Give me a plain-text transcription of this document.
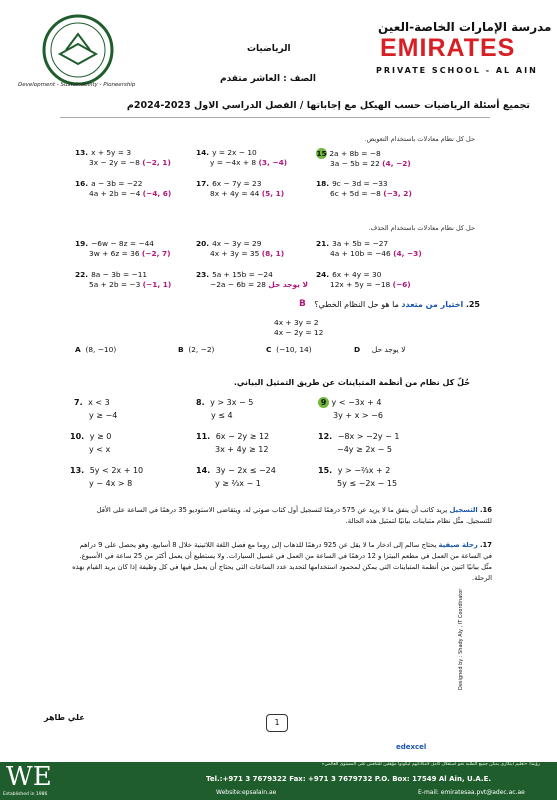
Development - Sustainability - Pioneership
مدرسة الإمارات الخاصة-العين
EMIRATES
PRIVATE SCHOOL - AL AIN
الرياضيات
الصف : العاشر متقدم
تجميع أسئلة الرياضيات حسب الهيكل مع إجاباتها / الفصل الدراسي الاول 2023-2024م
حل كل نظام معادلات باستخدام التعويض.
13. x + 5y = 3
3x − 2y = −8 (−2, 1)
14. y = 2x − 10
y = −4x + 8 (3, −4)
15 2a + 8b = −8
3a − 5b = 22 (4, −2)
16. a − 3b = −22
4a + 2b = −4 (−4, 6)
17. 6x − 7y = 23
8x + 4y = 44 (5, 1)
18. 9c − 3d = −33
6c + 5d = −8 (−3, 2)
حل كل نظام معادلات باستخدام الحذف.
19. −6w − 8z = −44
3w + 6z = 36 (−2, 7)
20. 4x − 3y = 29
4x + 3y = 35 (8, 1)
21. 3a + 5b = −27
4a + 10b = −46 (4, −3)
22. 8a − 3b = −11
5a + 2b = −3 (−1, 1)
23. 5a + 15b = −24
−2a − 6b = 28 لا يوجد حل
24. 6x + 4y = 30
12x + 5y = −18 (−6)
25. اختيار من متعدد ما هو حل النظام الخطي؟
B
4x + 3y = 2
4x − 2y = 12
A (8, −10)	B (2, −2)	C (−10, 14)	D لا يوجد حل
حُلّ كل نظام من أنظمة المتباينات عن طريق التمثيل البياني.
7. x < 3
y ≥ −4
8. y > 3x − 5
y ≤ 4
9 y < −3x + 4
3y + x > −6
10. y ≥ 0
y < x
11. 6x − 2y ≥ 12
3x + 4y ≥ 12
12. −8x > −2y − 1
−4y ≥ 2x − 5
13. 5y < 2x + 10
y − 4x > 8
14. 3y − 2x ≤ −24
y ≥ ⅔x − 1
15. y > −⅔x + 2
5y ≤ −2x − 15
16. التسجيل يريد كاتب أن ينفق ما لا يزيد عن 575 درهمًا لتسجيل أول كتاب صوتي له. ويتقاضى الاستوديو 35 درهمًا في الساعة على الأقل للتسجيل. مثّل نظام متباينات بيانيًا لتمثيل هذه الحالة.
17. رحلة صيفية يحتاج سالم إلى ادخار ما لا يقل عن 925 درهمًا للذهاب إلى روما مع فصل اللغة اللاتينية خلال 8 أسابيع. وهو يحصل على 9 دراهم في الساعة من العمل في مطعم البيتزا و 12 درهمًا في الساعة من العمل في غسيل السيارات. ولا يستطيع أن يعمل أكثر من 25 ساعة في الأسبوع. مثّل بيانيًا اثنين من أنظمة المتباينات التي يمكن لمحمود استخدامها لتحديد عدد الساعات التي يحتاج أن يعمل فيها في كل وظيفة إذا كان يريد القيام بهذه الرحلة.
Designed by : Shady Aly , IT Coordinator
علي طاهر
1
edexcel
WE
Established in 1986
رؤيتنا: «تعليم ابتكاري يمكّن جميع الطلبة نحو استقلال كامل لامكاناتهم ليكونوا مؤهلين للتنافس على المستوى العالمي»
Tel.:+971 3 7679322 Fax: +971 3 7679732 P.O. Box: 17549 Al Ain, U.A.E.
Website:epsalain.ae	E-mail: emiratesaa.pvt@adec.ac.ae
